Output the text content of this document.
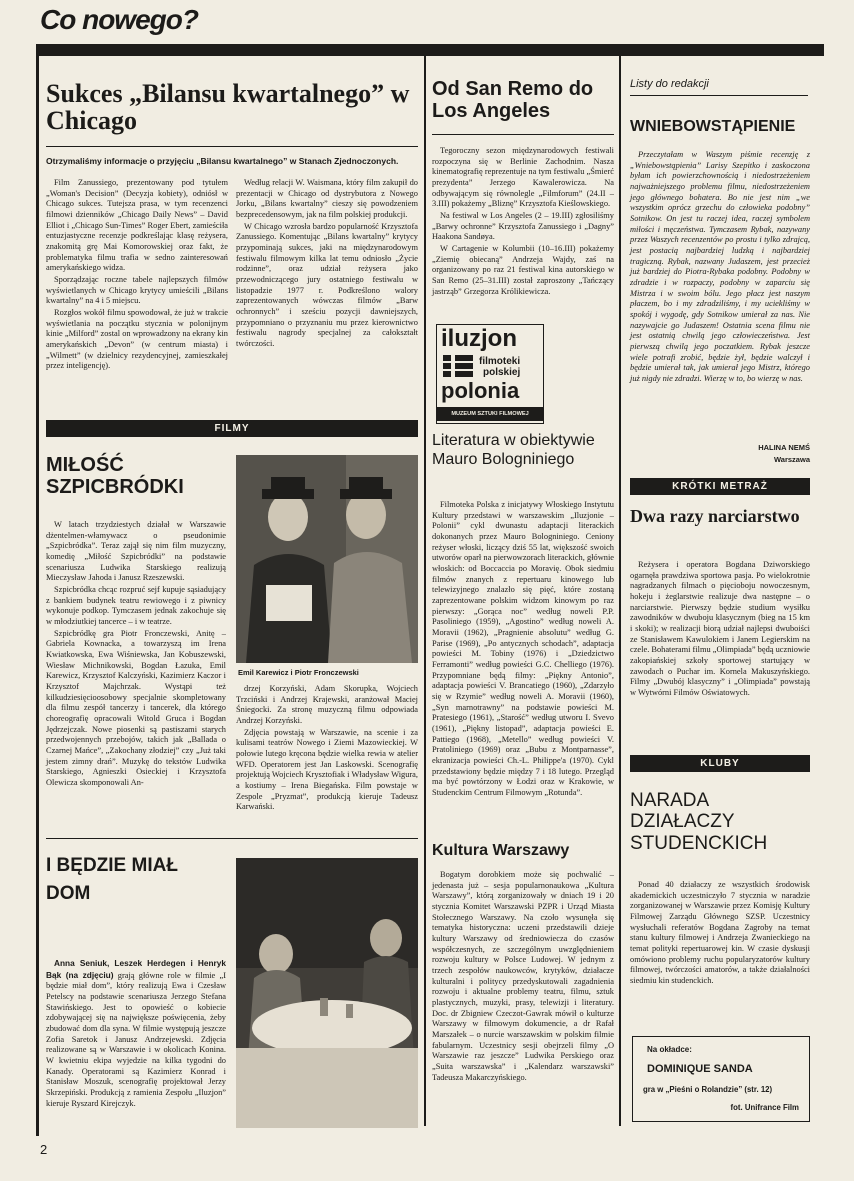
Co nowego?
Sukces „Bilansu kwartalnego” w Chicago
Otrzymaliśmy informacje o przyjęciu „Bilansu kwartalnego” w Stanach Zjednoczonych.

Film Zanussiego, prezentowany pod tytułem „Woman's Decision” (Decyzja kobiety), odniósł w Chicago sukces. Tutejsza prasa, w tym recenzenci filmowi dzienników „Chicago Daily News” – David Elliot i „Chicago Sun-Times” Roger Ebert, zamieściła entuzjastyczne recenzje podkreślając klasę reżysera, znakomitą grę Mai Komorowskiej oraz fakt, że problematyka filmu trafia w sedno zainteresowań amerykańskiego widza.

Sporządzając roczne tabele najlepszych filmów wyświetlanych w Chicago krytycy umieścili „Bilans kwartalny” na 4 i 5 miejscu.

Rozgłos wokół filmu spowodował, że już w trakcie wyświetlania na początku stycznia w polonijnym kinie „Milford” zostal on wprowadzony na ekrany kin amerykańskich „Devon” (w centrum miasta) i „Wilmett” (w dzielnicy rezydencyjnej, zamieszkałej przez inteligencję).

Według relacji W. Waismana, który film zakupił do prezentacji w Chicago od dystrybutora z Nowego Jorku, „Bilans kwartalny” cieszy się powodzeniem bezprecedensowym, jak na film polskiej produkcji.

W Chicago wzrosła bardzo popularność Krzysztofa Zanussiego. Komentując „Bilans kwartalny” krytycy przypominają sukces, jaki na międzynarodowym festiwalu filmowym kilka lat temu odniosło „Życie rodzinne”, oraz udział reżysera jako przewodniczącego jury ostatniego festiwalu w listopadzie 1977 r. Podkreślono walory zaprezentowanych wówczas filmów „Barw ochronnych” i sześciu pozycji dawniejszych, przypomniano o przyznaniu mu przez kierownictwo festiwalu nagrody specjalnej za całokształt twórczości.

FILMY
MIŁOŚĆ SZPICBRÓDKI

W latach trzydziestych działał w Warszawie dżentelmen-włamywacz o pseudonimie „Szpicbródka”. Teraz zajął się nim film muzyczny, komedię „Miłość Szpicbródki” na podstawie scenariusza Ludwika Starskiego realizują Mieczysław Jahoda i Janusz Rzeszewski.

Szpicbródka chcąc rozpruć sejf kupuje sąsiadujący z bankiem budynek teatru rewiowego i z piwnicy wykonuje podkop. Tymczasem jednak zakochuje się w młodziutkiej tancerce – i w teatrze.

Szpicbródkę gra Piotr Fronczewski, Anitę – Gabriela Kownacka, a towarzyszą im Irena Kwiatkowska, Ewa Wiśniewska, Jan Kobuszewski, Wiesław Michnikowski, Bogdan Łazuka, Emil Karewicz, Krzysztof Kalczyński, Kazimierz Kaczor i Krzysztof Majchrzak. Wystąpi też kilkudziesięcioosobowy specjalnie skompletowany dla filmu zespół tancerzy i tancerek, dla którego choreografię opracowali Witold Gruca i Bogdan Jędrzejczak. Nowe piosenki są pastiszami starych przedwojennych przebojów, takich jak „Ballada o Czarnej Mańce”, „Zakochany złodziej” czy „Już taki jestem zimny drań”. Muzykę do tekstów Ludwika Starskiego, Agnieszki Osieckiej i Krzysztofa Olewicza skomponowali An-

Emil Karewicz i Piotr Fronczewski

drzej Korzyński, Adam Skorupka, Wojciech Trzciński i Andrzej Krajewski, aranżował Maciej Śniegocki. Za stronę muzyczną filmu odpowiada Andrzej Korzyński.

Zdjęcia powstają w Warszawie, na scenie i za kulisami teatrów Nowego i Ziemi Mazowieckiej. W połowie lutego kręcona będzie wielka rewia w atelier WFD. Operatorem jest Jan Laskowski. Scenografię projektują Wojciech Krysztofiak i Władysław Wigura, a kostiumy – Irena Biegańska. Film powstaje w Zespole „Pryzmat”, produkcją kieruje Tadeusz Karwański.

I BĘDZIE MIAŁ DOM

Anna Seniuk, Leszek Herdegen i Henryk Bąk (na zdjęciu) grają główne role w filmie „I będzie miał dom”, który realizują Ewa i Czesław Petelscy na podstawie scenariusza Jerzego Stefana Stawińskiego. Jest to opowieść o kobiecie zdobywającej się na największe poświęcenia, żeby zbudować dom dla syna. W filmie występują jeszcze Zofia Saretok i Janusz Andrzejewski. Zdjęcia realizowane są w Warszawie i w okolicach Konina. W kwietniu ekipa wyjedzie na kilka tygodni do Kanady. Operatorami są Kazimierz Konrad i Stanisław Moszuk, scenografię projektował Jerzy Skrzepiński. Produkcją z ramienia Zespołu „Iluzjon” kieruje Ryszard Kirejczyk.

2
Od San Remo do Los Angeles

Tegoroczny sezon międzynarodowych festiwali rozpoczyna się w Berlinie Zachodnim. Nasza kinematografię reprezentuje na tym festiwalu „Śmierć prezydenta” Jerzego Kawalerowicza. Na odbywającym się równolegle „Filmforum” (24.II – 3.III) pokażemy „Bliznę” Krzysztofa Kieślowskiego.

Na festiwal w Los Angeles (2 – 19.III) zgłosiliśmy „Barwy ochronne” Krzysztofa Zanussiego i „Dagny” Haakona Sandøya.

W Cartagenie w Kolumbii (10–16.III) pokażemy „Ziemię obiecaną” Andrzeja Wajdy, zaś na organizowany po raz 21 festiwal kina autorskiego w San Remo (25–31.III) został zaproszony „Tańczący jastrząb” Grzegorza Królikiewicza.

iluzjon
filmoteki
polskiej
polonia
MUZEUM SZTUKI FILMOWEJ
Literatura w obiektywie Mauro Bologniniego

Filmoteka Polska z inicjatywy Włoskiego Instytutu Kultury przedstawi w warszawskim „Iluzjonie – Polonii” cykl dwunastu adaptacji literackich dokonanych przez Mauro Bologniniego. Ceniony reżyser włoski, liczący dziś 55 lat, większość swoich utworów oparł na pierwowzorach literackich, głównie włoskich: od Boccaccia po Moravię. Obok siedmiu filmów znanych z repertuaru kinowego lub telewizyjnego znalazło się pięć, które zostaną zaprezentowane polskim widzom kinowym po raz pierwszy: „Gorąca noc” według noweli P.P. Pasoliniego (1959), „Agostino” według noweli A. Moravii (1962), „Pragnienie absolutu” według G. Parise (1969), „Po antycznych schodach”, adaptacja powieści M. Tobiny (1976) i „Dziedzictwo Ferramonti” według powieści G.C. Chelliego (1976). Przypomniane będą filmy: „Piękny Antonio”, adaptacja powieści V. Brancatiego (1960), „Zdarzyło się w Rzymie” według noweli A. Moravii (1960), „Syn marnotrawny” na podstawie powieści M. Pratesiego (1961), „Starość” według utworu I. Svevo (1961), „Piękny listopad”, adaptacja powieści E. Pattiego (1968), „Metello” według powieści V. Pratoliniego (1969) oraz „Bubu z Montparnasse”, ekranizacja powieści Ch.-L. Philippe'a (1970). Cykl przedstawiony będzie między 7 i 18 lutego. Przegląd ma być powtórzony w Łodzi oraz w Krakowie, w Studenckim Centrum Filmowym „Rotunda”.

Kultura Warszawy

Bogatym dorobkiem może się pochwalić – jedenasta już – sesja popularnonaukowa „Kultura Warszawy”, którą zorganizowały w dniach 19 i 20 stycznia Komitet Warszawski PZPR i Urząd Miasta Stołecznego Warszawy. Na czoło wysunęła się tematyka historyczna: uczeni przedstawili dzieje kultury Warszawy od średniowiecza do czasów współczesnych, ze szczególnym uwzględnieniem rozwoju kultury w Polsce Ludowej. W jednym z trzech zespołów naukowców, krytyków, działacze kulturalni i politycy przedyskutowali zagadnienia rozwoju i aktualne problemy teatru, filmu, sztuk plastycznych, muzyki, prasy, telewizji i literatury. Doc. dr Zbigniew Czeczot-Gawrak mówił o kulturze Warszawy w filmowym dokumencie, a dr Rafał Marszałek – o nurcie warszawskim w polskim filmie fabularnym. Uczestnicy sesji obejrzeli filmy „O Warszawie raz jeszcze” Ludwika Perskiego oraz „Suita warszawska” i „Kalendarz warszawski” Tadeusza Makarczyńskiego.

Listy do redakcji
WNIEBOWSTĄPIENIE

Przeczytałam w Waszym piśmie recenzję z „Wniebowstąpienia” Larisy Szepitko i zaskoczona byłam ich powierzchownością i niedostrzeżeniem najważniejszego problemu filmu, niedostrzeżeniem jego głównego bohatera. Bo nie jest nim „we wszystkim oprócz grzechu do człowieka podobny” Sotnikow. On jest tu raczej idea, raczej symbolem miłości i męczeństwa. Tymczasem Rybak, nazywany przez Waszych recenzentów po prostu i tylko zdrajcą, jest postacią najbardziej ludzką i najbardziej tragiczną. Rybak, nazwany Judaszem, jest przecież już bardziej do Piotra-Rybaka podobny. Podobny w zdradzie i w rozpaczy, podobny w zaparciu się Mistrza i w swoim bólu. Jego płacz jest naszym płaczem, bo i my zdradziliśmy, i my uciekliśmy w spokój i wygodę, gdy Sotnikow umierał za nas. Nie nazywajcie go Judaszem! Ostatnia scena filmu nie jest ostatnią chwilą jego człowieczeństwa. Jest pierwszą chwilą jego poczatkiem. Rybak jeszcze wiele potrafi zrobić, będzie żył, będzie walczył i będzie umierał tak, jak umierał jego Mistrz, którego już nigdy nie zdradzi. Wierzę w to, bo wierzę w nas.

HALINA NEMŚ
Warszawa
KRÓTKI METRAŻ
Dwa razy narciarstwo

Reżysera i operatora Bogdana Dziworskiego ogarnęła prawdziwa sportowa pasja. Po wielokrotnie nagradzanych filmach o pięcioboju nowoczesnym, hokeju i żeglarstwie realizuje dwa następne – o narciarstwie. Pierwszy będzie studium wysiłku zawodników w dwuboju klasycznym (bieg na 15 km i skoki); w realizacji biorą udział najlepsi dwuboiści ze Stanisławem Kawulokiem i Janem Legierskim na czele. Bohaterami filmu „Olimpiada” będą uczniowie zakopiańskiej szkoły sportowej startujący w zawodach o Puchar im. Kornela Makuszyńskiego. Filmy „Dwubój klasyczny” i „Olimpiada” powstają w Wytwórni Filmów Oświatowych.

KLUBY
NARADA DZIAŁACZY STUDENCKICH

Ponad 40 działaczy ze wszystkich środowisk akademickich uczestniczyło 7 stycznia w naradzie zorganizowanej w Warszawie przez Komisję Kultury Filmowej Zarządu Głównego SZSP. Uczestnicy wysłuchali referatów Bogdana Zagroby na temat stanu kultury filmowej i Andrzeja Zwanieckiego na temat polityki repertuarowej kin. W czasie dyskusji omówiono problemy ruchu popularyzatorów kultury filmowej, twórczości amatorów, a także działalności siedmiu kin studenckich.

Na okładce:
DOMINIQUE SANDA
gra w „Pieśni o Rolandzie” (str. 12)
fot. Unifrance Film
